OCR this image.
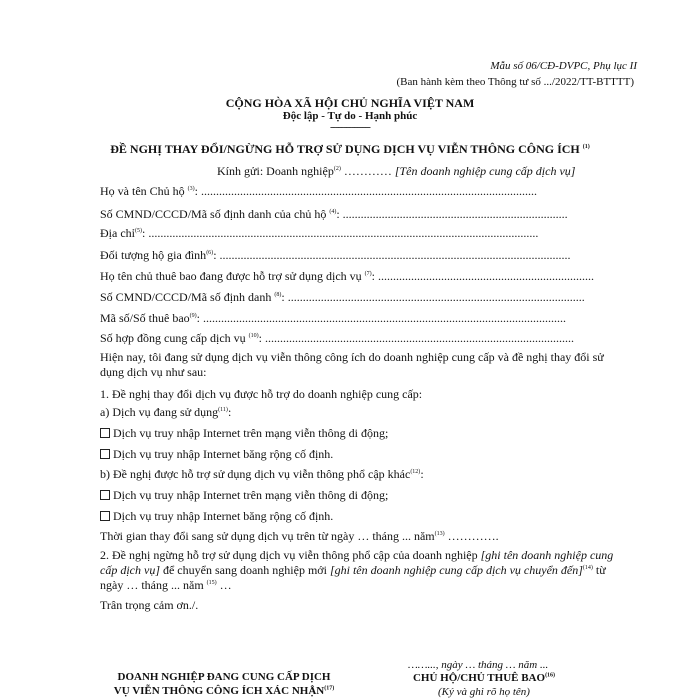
Mẫu số 06/CĐ-DVPC, Phụ lục II
(Ban hành kèm theo Thông tư số .../2022/TT-BTTTT)
CỘNG HÒA XÃ HỘI CHỦ NGHĨA VIỆT NAM
Độc lập - Tự do - Hạnh phúc
---------------
ĐỀ NGHỊ THAY ĐỔI/NGỪNG HỖ TRỢ SỬ DỤNG DỊCH VỤ VIỄN THÔNG CÔNG ÍCH $^{(1)}$
Kính gửi: Doanh nghiệp$^{(2)}$ ………… [Tên doanh nghiệp cung cấp dịch vụ]
Họ và tên Chủ hộ $^{(3)}$: ................................................................................................................
Số CMND/CCCD/Mã số định danh của chủ hộ $^{(4)}$: ...........................................................................
Địa chỉ$^{(5)}$: ..................................................................................................................................
Đối tượng hộ gia đình$^{(6)}$: .....................................................................................................................
Họ tên chủ thuê bao đang được hỗ trợ sử dụng dịch vụ $^{(7)}$: ........................................................................
Số CMND/CCCD/Mã số định danh $^{(8)}$: ...................................................................................................
Mã số/Số thuê bao$^{(9)}$: .........................................................................................................................
Số hợp đồng cung cấp dịch vụ $^{(10)}$: .......................................................................................................
Hiện nay, tôi đang sử dụng dịch vụ viễn thông công ích do doanh nghiệp cung cấp và đề nghị thay đổi sử dụng dịch vụ như sau:
1. Đề nghị thay đổi dịch vụ được hỗ trợ do doanh nghiệp cung cấp:
a) Dịch vụ đang sử dụng$^{(11)}$:
Dịch vụ truy nhập Internet trên mạng viễn thông di động;
Dịch vụ truy nhập Internet băng rộng cố định.
b) Đề nghị được hỗ trợ sử dụng dịch vụ viễn thông phổ cập khác$^{(12)}$:
Dịch vụ truy nhập Internet trên mạng viễn thông di động;
Dịch vụ truy nhập Internet băng rộng cố định.
Thời gian thay đổi sang sử dụng dịch vụ trên từ ngày … tháng ... năm$^{(13)}$ ………….
2. Đề nghị ngừng hỗ trợ sử dụng dịch vụ viễn thông phổ cập của doanh nghiệp [ghi tên doanh nghiệp cung cấp dịch vụ] để chuyển sang doanh nghiệp mới [ghi tên doanh nghiệp cung cấp dịch vụ chuyển đến]$^{(14)}$ từ ngày … tháng ... năm $^{(15)}$ …
Trân trọng cảm ơn./.
……..., ngày … tháng … năm ...
DOANH NGHIỆP ĐANG CUNG CẤP DỊCH
VỤ VIỄN THÔNG CÔNG ÍCH XÁC NHẬN$^{(17)}$
CHỦ HỘ/CHỦ THUÊ BAO$^{(16)}$
(Ký và ghi rõ họ tên)
